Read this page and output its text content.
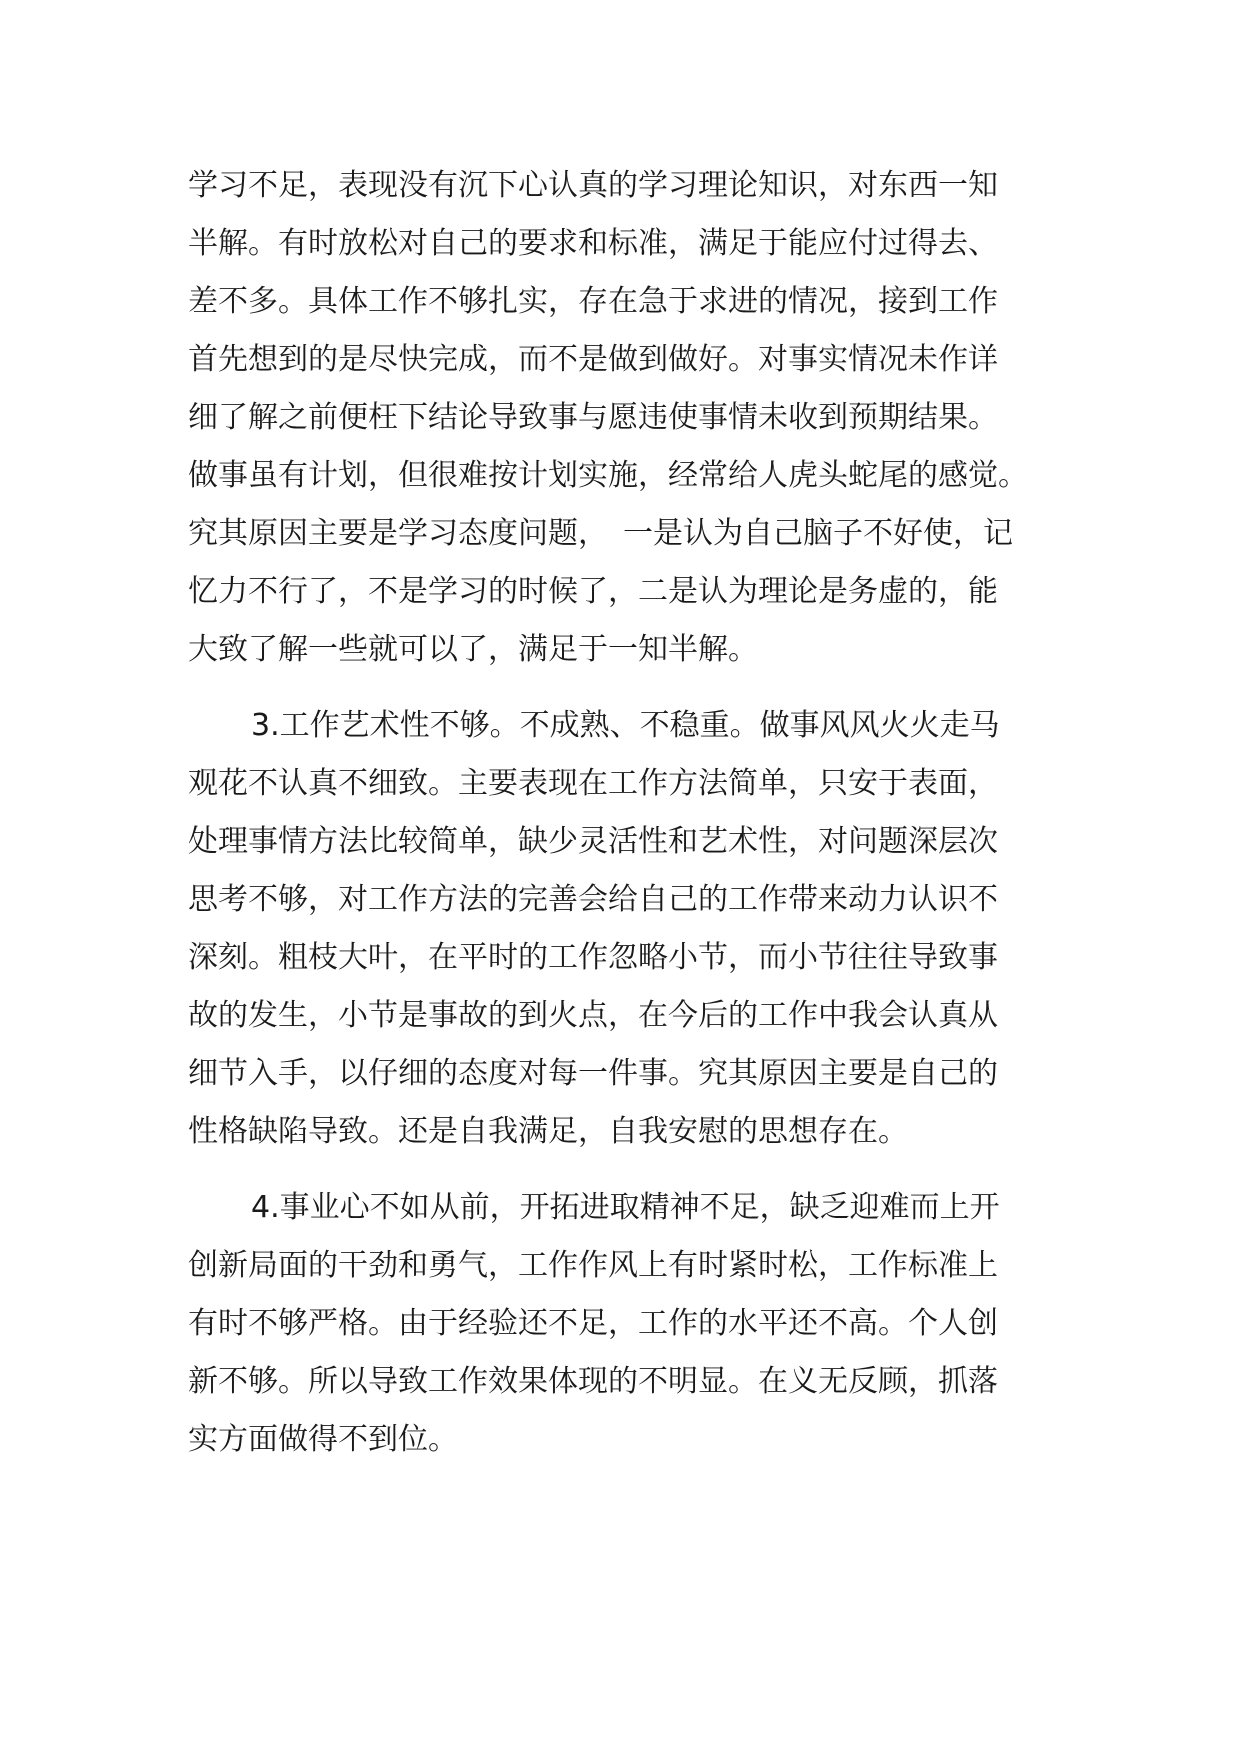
学习不足，表现没有沉下心认真的学习理论知识，对东西一知
半解。有时放松对自己的要求和标准，满足于能应付过得去、
差不多。具体工作不够扎实，存在急于求进的情况，接到工作
首先想到的是尽快完成，而不是做到做好。对事实情况未作详
细了解之前便枉下结论导致事与愿违使事情未收到预期结果。
做事虽有计划，但很难按计划实施，经常给人虎头蛇尾的感觉。
究其原因主要是学习态度问题，　一是认为自己脑子不好使，记
忆力不行了，不是学习的时候了，二是认为理论是务虚的，能
大致了解一些就可以了，满足于一知半解。
3.工作艺术性不够。不成熟、不稳重。做事风风火火走马
观花不认真不细致。主要表现在工作方法简单，只安于表面，
处理事情方法比较简单，缺少灵活性和艺术性，对问题深层次
思考不够，对工作方法的完善会给自己的工作带来动力认识不
深刻。粗枝大叶，在平时的工作忽略小节，而小节往往导致事
故的发生，小节是事故的到火点，在今后的工作中我会认真从
细节入手，以仔细的态度对每一件事。究其原因主要是自己的
性格缺陷导致。还是自我满足，自我安慰的思想存在。
4.事业心不如从前，开拓进取精神不足，缺乏迎难而上开
创新局面的干劲和勇气，工作作风上有时紧时松，工作标准上
有时不够严格。由于经验还不足，工作的水平还不高。个人创
新不够。所以导致工作效果体现的不明显。在义无反顾，抓落
实方面做得不到位。
